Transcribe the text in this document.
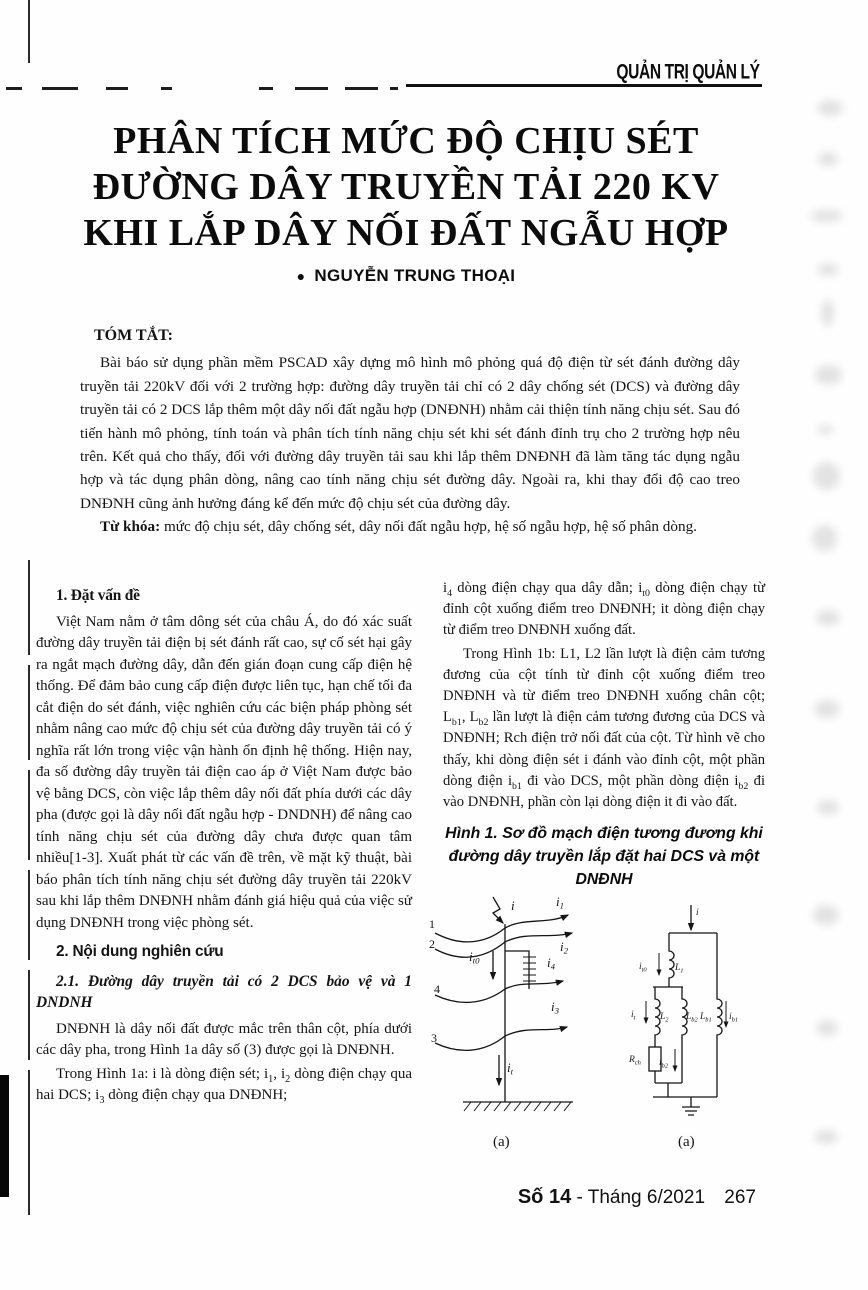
QUẢN TRỊ QUẢN LÝ
PHÂN TÍCH MỨC ĐỘ CHỊU SÉT
ĐƯỜNG DÂY TRUYỀN TẢI 220 KV
KHI LẮP DÂY NỐI ĐẤT NGẪU HỢP
● NGUYỄN TRUNG THOẠI
TÓM TẮT:

Bài báo sử dụng phần mềm PSCAD xây dựng mô hình mô phỏng quá độ điện từ sét đánh đường dây truyền tải 220kV đối với 2 trường hợp: đường dây truyền tải chỉ có 2 dây chống sét (DCS) và đường dây truyền tải có 2 DCS lắp thêm một dây nối đất ngẫu hợp (DNĐNH) nhằm cải thiện tính năng chịu sét. Sau đó tiến hành mô phỏng, tính toán và phân tích tính năng chịu sét khi sét đánh đỉnh trụ cho 2 trường hợp nêu trên. Kết quả cho thấy, đối với đường dây truyền tải sau khi lắp thêm DNĐNH đã làm tăng tác dụng ngẫu hợp và tác dụng phân dòng, nâng cao tính năng chịu sét đường dây. Ngoài ra, khi thay đổi độ cao treo DNĐNH cũng ảnh hưởng đáng kể đến mức độ chịu sét của đường dây.

Từ khóa: mức độ chịu sét, dây chống sét, dây nối đất ngẫu hợp, hệ số ngẫu hợp, hệ số phân dòng.

1. Đặt vấn đề

Việt Nam nằm ở tâm dông sét của châu Á, do đó xác suất đường dây truyền tải điện bị sét đánh rất cao, sự cố sét hại gây ra ngắt mạch đường dây, dẫn đến gián đoạn cung cấp điện hệ thống. Để đảm bảo cung cấp điện được liên tục, hạn chế tối đa cắt điện do sét đánh, việc nghiên cứu các biện pháp phòng sét nhằm nâng cao mức độ chịu sét của đường dây truyền tải có ý nghĩa rất lớn trong việc vận hành ổn định hệ thống. Hiện nay, đa số đường dây truyền tải điện cao áp ở Việt Nam được bảo vệ bằng DCS, còn việc lắp thêm dây nối đất phía dưới các dây pha (được gọi là dây nối đất ngẫu hợp - DNDNH) để nâng cao tính năng chịu sét của đường dây chưa được quan tâm nhiều[1-3]. Xuất phát từ các vấn đề trên, về mặt kỹ thuật, bài báo phân tích tính năng chịu sét đường dây truyền tải 220kV sau khi lắp thêm DNĐNH nhằm đánh giá hiệu quả của việc sử dụng DNĐNH trong việc phòng sét.

2. Nội dung nghiên cứu
2.1. Đường dây truyền tải có 2 DCS bảo vệ và 1 DNDNH

DNĐNH là dây nối đất được mắc trên thân cột, phía dưới các dây pha, trong Hình 1a dây số (3) được gọi là DNĐNH.

Trong Hình 1a: i là dòng điện sét; $i_1$, $i_2$ dòng điện chạy qua hai DCS; $i_3$ dòng điện chạy qua DNĐNH;

$i_4$ dòng điện chạy qua dây dẫn; $i_{t0}$ dòng điện chạy từ đỉnh cột xuống điểm treo DNĐNH; it dòng điện chạy từ điểm treo DNĐNH xuống đất.

Trong Hình 1b: L1, L2 lần lượt là điện cảm tương đương của cột tính từ đỉnh cột xuống điểm treo DNĐNH và từ điểm treo DNĐNH xuống chân cột; $L_{b1}$, $L_{b2}$ lần lượt là điện cảm tương đương của DCS và DNĐNH; Rch điện trở nối đất của cột. Từ hình vẽ cho thấy, khi dòng điện sét i đánh vào đỉnh cột, một phần dòng điện $i_{b1}$ đi vào DCS, một phần dòng điện $i_{b2}$ đi vào DNĐNH, phần còn lại dòng điện it đi vào đất.

Hình 1. Sơ đồ mạch điện tương đương khi đường dây truyền lắp đặt hai DCS và một DNĐNH
i	i1
i2
it0	i4
i3
it
1
2
4
3
(a)
i
$i_{t0}$	$L_1$
$i_t$	$L_2$ $L_{b2}$ $L_{b1}$ $i_{b1}$
$i_{b2}$
$R_{ch}$
(a)
Số 14 - Tháng 6/2021 267
